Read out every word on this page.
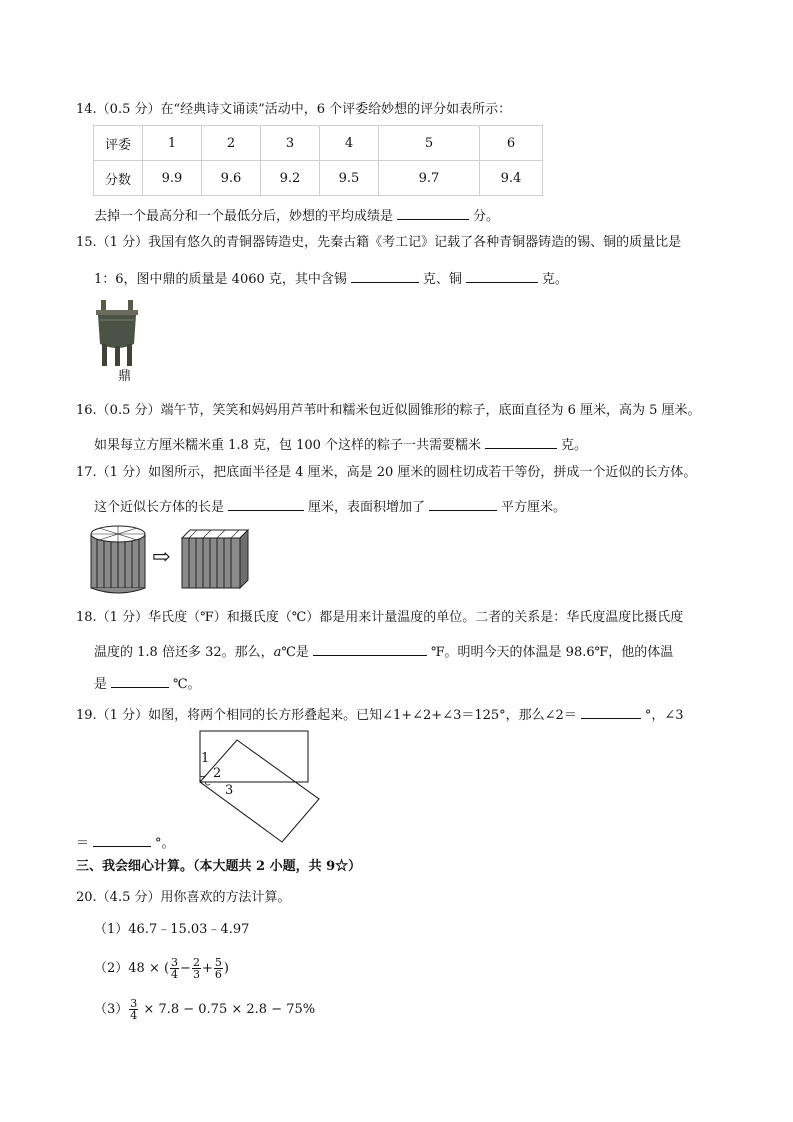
14.（0.5 分）在“经典诗文诵读”活动中，6 个评委给妙想的评分如表所示：
评委	1	2	3	4	5	6
分数	9.9	9.6	9.2	9.5	9.7	9.4
去掉一个最高分和一个最低分后，妙想的平均成绩是	分。
15.（1 分）我国有悠久的青铜器铸造史，先秦古籍《考工记》记载了各种青铜器铸造的锡、铜的质量比是
1：6，图中鼎的质量是 4060 克，其中含锡	克、铜	克。
鼎
16.（0.5 分）端午节，笑笑和妈妈用芦苇叶和糯米包近似圆锥形的粽子，底面直径为 6 厘米，高为 5 厘米。
如果每立方厘米糯米重 1.8 克，包 100 个这样的粽子一共需要糯米	克。
17.（1 分）如图所示，把底面半径是 4 厘米，高是 20 厘米的圆柱切成若干等份，拼成一个近似的长方体。
这个近似长方体的长是	厘米，表面积增加了	平方厘米。
⇨
18.（1 分）华氏度（℉）和摄氏度（℃）都是用来计量温度的单位。二者的关系是：华氏度温度比摄氏度
温度的 1.8 倍还多 32。那么，a℃是	℉。明明今天的体温是 98.6℉，他的体温
是	℃。
19.（1 分）如图，将两个相同的长方形叠起来。已知∠1+∠2+∠3＝125°，那么∠2＝	°，∠3
1
2
3
＝	°。
三、我会细心计算。（本大题共 2 小题，共 9☆）
20.（4.5 分）用你喜欢的方法计算。
（1）46.7﹣15.03﹣4.97
（2）48 × ( $\frac{3}{4} - \frac{2}{3} + \frac{5}{6}$ )
$(3) \frac{3}{4} \times 7.8 - 0.75 \times 2.8 - 75\%$
